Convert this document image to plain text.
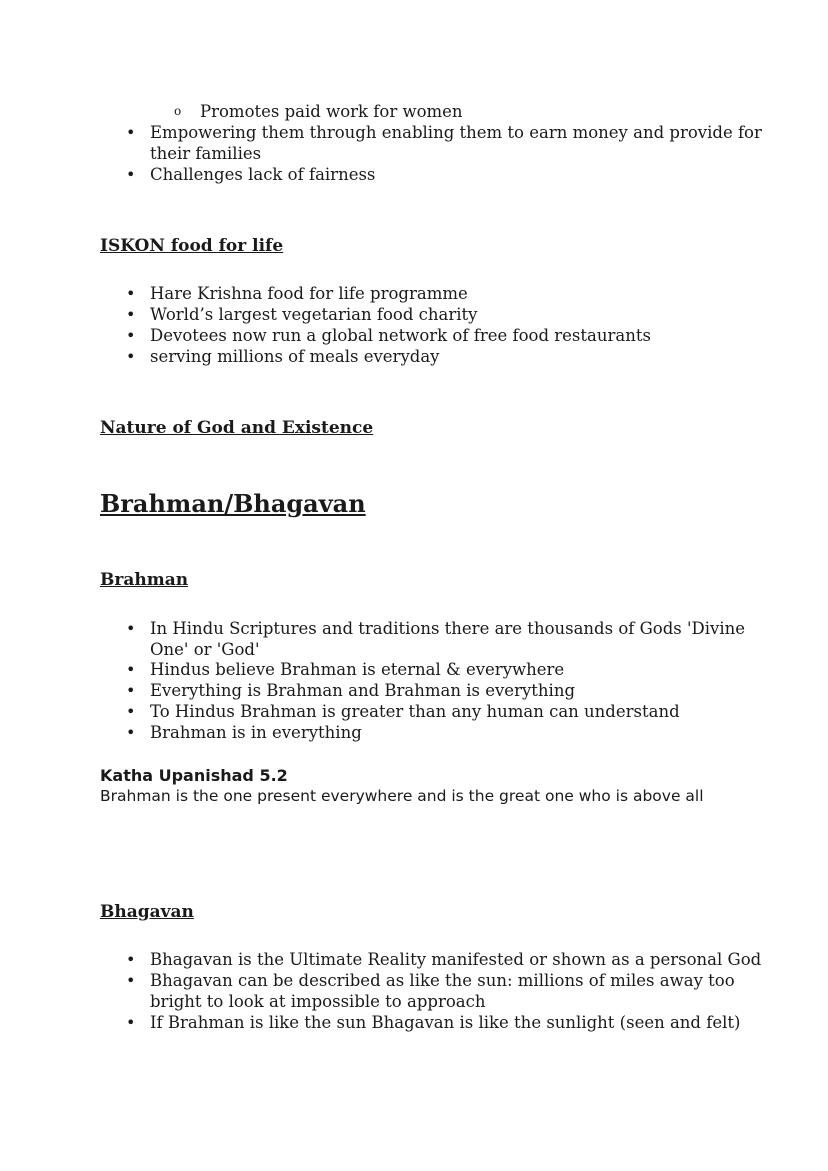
o Promotes paid work for women
• Empowering them through enabling them to earn money and provide for
their families
• Challenges lack of fairness
ISKON food for life
• Hare Krishna food for life programme
• World’s largest vegetarian food charity
• Devotees now run a global network of free food restaurants
• serving millions of meals everyday
Nature of God and Existence
Brahman/Bhagavan
Brahman
• In Hindu Scriptures and traditions there are thousands of Gods 'Divine
One' or 'God'
• Hindus believe Brahman is eternal & everywhere
• Everything is Brahman and Brahman is everything
• To Hindus Brahman is greater than any human can understand
• Brahman is in everything
Katha Upanishad 5.2
Brahman is the one present everywhere and is the great one who is above all
Bhagavan
• Bhagavan is the Ultimate Reality manifested or shown as a personal God
• Bhagavan can be described as like the sun: millions of miles away too
bright to look at impossible to approach
• If Brahman is like the sun Bhagavan is like the sunlight (seen and felt)
